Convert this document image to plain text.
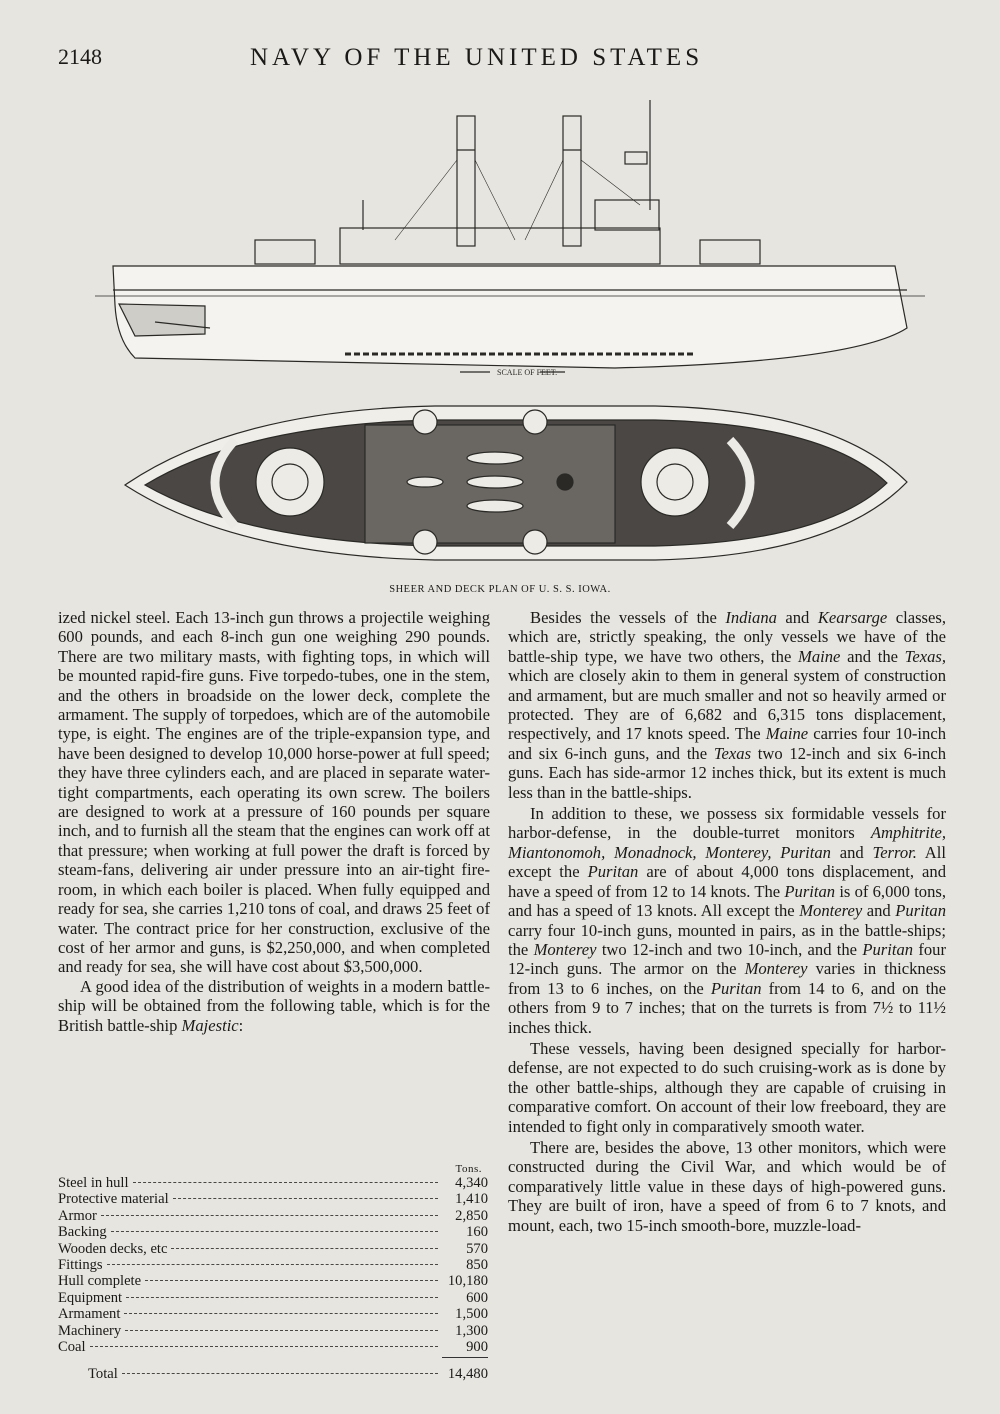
2148	NAVY OF THE UNITED STATES
SCALE OF FEET.
SHEER AND DECK PLAN OF U. S. S. IOWA.

ized nickel steel. Each 13-inch gun throws a projectile weighing 600 pounds, and each 8-inch gun one weighing 290 pounds. There are two military masts, with fighting tops, in which will be mounted rapid-fire guns. Five torpedo-tubes, one in the stem, and the others in broadside on the lower deck, complete the armament. The supply of torpedoes, which are of the automobile type, is eight. The engines are of the triple-expansion type, and have been designed to develop 10,000 horse-power at full speed; they have three cylinders each, and are placed in separate water-tight compartments, each operating its own screw. The boilers are designed to work at a pressure of 160 pounds per square inch, and to furnish all the steam that the engines can work off at that pressure; when working at full power the draft is forced by steam-fans, delivering air under pressure into an air-tight fire-room, in which each boiler is placed. When fully equipped and ready for sea, she carries 1,210 tons of coal, and draws 25 feet of water. The contract price for her construction, exclusive of the cost of her armor and guns, is $2,250,000, and when completed and ready for sea, she will have cost about $3,500,000.

A good idea of the distribution of weights in a modern battle-ship will be obtained from the following table, which is for the British battle-ship Majestic:

Tons.
Steel in hull	4,340
Protective material	1,410
Armor	2,850
Backing	160
Wooden decks, etc	570
Fittings	850
Hull complete	10,180
Equipment	600
Armament	1,500
Machinery	1,300
Coal	900
Total	14,480

Besides the vessels of the Indiana and Kearsarge classes, which are, strictly speaking, the only vessels we have of the battle-ship type, we have two others, the Maine and the Texas, which are closely akin to them in general system of construction and armament, but are much smaller and not so heavily armed or protected. They are of 6,682 and 6,315 tons displacement, respectively, and 17 knots speed. The Maine carries four 10-inch and six 6-inch guns, and the Texas two 12-inch and six 6-inch guns. Each has side-armor 12 inches thick, but its extent is much less than in the battle-ships.

In addition to these, we possess six formidable vessels for harbor-defense, in the double-turret monitors Amphitrite, Miantonomoh, Monadnock, Monterey, Puritan and Terror. All except the Puritan are of about 4,000 tons displacement, and have a speed of from 12 to 14 knots. The Puritan is of 6,000 tons, and has a speed of 13 knots. All except the Monterey and Puritan carry four 10-inch guns, mounted in pairs, as in the battle-ships; the Monterey two 12-inch and two 10-inch, and the Puritan four 12-inch guns. The armor on the Monterey varies in thickness from 13 to 6 inches, on the Puritan from 14 to 6, and on the others from 9 to 7 inches; that on the turrets is from 7½ to 11½ inches thick.

These vessels, having been designed specially for harbor-defense, are not expected to do such cruising-work as is done by the other battle-ships, although they are capable of cruising in comparative comfort. On account of their low freeboard, they are intended to fight only in comparatively smooth water.

There are, besides the above, 13 other monitors, which were constructed during the Civil War, and which would be of comparatively little value in these days of high-powered guns. They are built of iron, have a speed of from 6 to 7 knots, and mount, each, two 15-inch smooth-bore, muzzle-load-
